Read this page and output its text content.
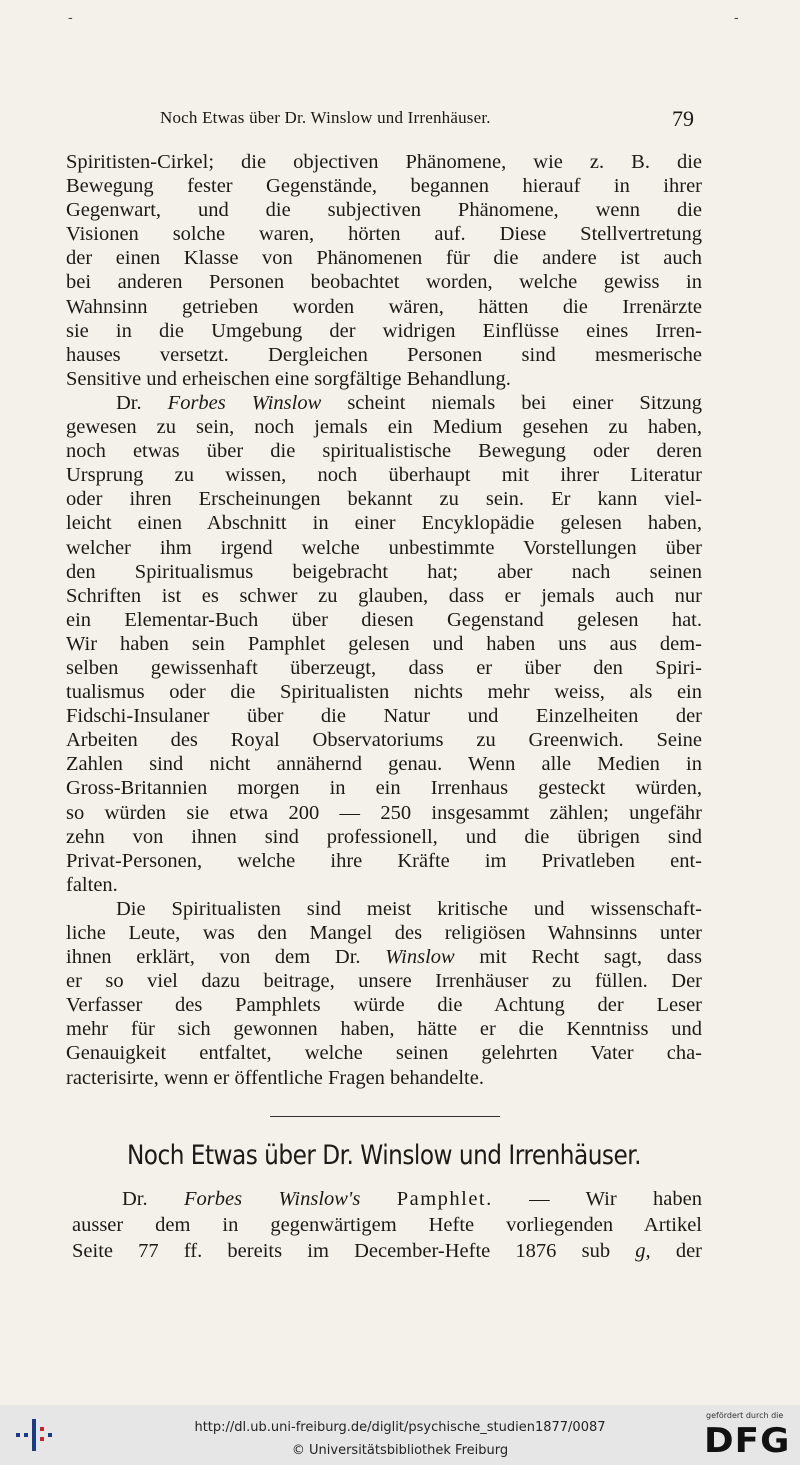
-	-
Noch Etwas über Dr. Winslow und Irrenhäuser.	79
Spiritisten-Cirkel; die objectiven Phänomene, wie z. B. die
Bewegung fester Gegenstände, begannen hierauf in ihrer
Gegenwart, und die subjectiven Phänomene, wenn die
Visionen solche waren, hörten auf. Diese Stellvertretung
der einen Klasse von Phänomenen für die andere ist auch
bei anderen Personen beobachtet worden, welche gewiss in
Wahnsinn getrieben worden wären, hätten die Irrenärzte
sie in die Umgebung der widrigen Einflüsse eines Irren-
hauses versetzt. Dergleichen Personen sind mesmerische
Sensitive und erheischen eine sorgfältige Behandlung.
Dr. Forbes Winslow scheint niemals bei einer Sitzung
gewesen zu sein, noch jemals ein Medium gesehen zu haben,
noch etwas über die spiritualistische Bewegung oder deren
Ursprung zu wissen, noch überhaupt mit ihrer Literatur
oder ihren Erscheinungen bekannt zu sein. Er kann viel-
leicht einen Abschnitt in einer Encyklopädie gelesen haben,
welcher ihm irgend welche unbestimmte Vorstellungen über
den Spiritualismus beigebracht hat; aber nach seinen
Schriften ist es schwer zu glauben, dass er jemals auch nur
ein Elementar-Buch über diesen Gegenstand gelesen hat.
Wir haben sein Pamphlet gelesen und haben uns aus dem-
selben gewissenhaft überzeugt, dass er über den Spiri-
tualismus oder die Spiritualisten nichts mehr weiss, als ein
Fidschi-Insulaner über die Natur und Einzelheiten der
Arbeiten des Royal Observatoriums zu Greenwich. Seine
Zahlen sind nicht annähernd genau. Wenn alle Medien in
Gross-Britannien morgen in ein Irrenhaus gesteckt würden,
so würden sie etwa 200 — 250 insgesammt zählen; ungefähr
zehn von ihnen sind professionell, und die übrigen sind
Privat-Personen, welche ihre Kräfte im Privatleben ent-
falten.
Die Spiritualisten sind meist kritische und wissenschaft-
liche Leute, was den Mangel des religiösen Wahnsinns unter
ihnen erklärt, von dem Dr. Winslow mit Recht sagt, dass
er so viel dazu beitrage, unsere Irrenhäuser zu füllen. Der
Verfasser des Pamphlets würde die Achtung der Leser
mehr für sich gewonnen haben, hätte er die Kenntniss und
Genauigkeit entfaltet, welche seinen gelehrten Vater cha-
racterisirte, wenn er öffentliche Fragen behandelte.
Noch Etwas über Dr. Winslow und Irrenhäuser.
Dr. Forbes Winslow's Pamphlet. — Wir haben
ausser dem in gegenwärtigem Hefte vorliegenden Artikel
Seite 77 ff. bereits im December-Hefte 1876 sub g, der
http://dl.ub.uni-freiburg.de/diglit/psychische_studien1877/0087
© Universitätsbibliothek Freiburg
gefördert durch die
DFG
